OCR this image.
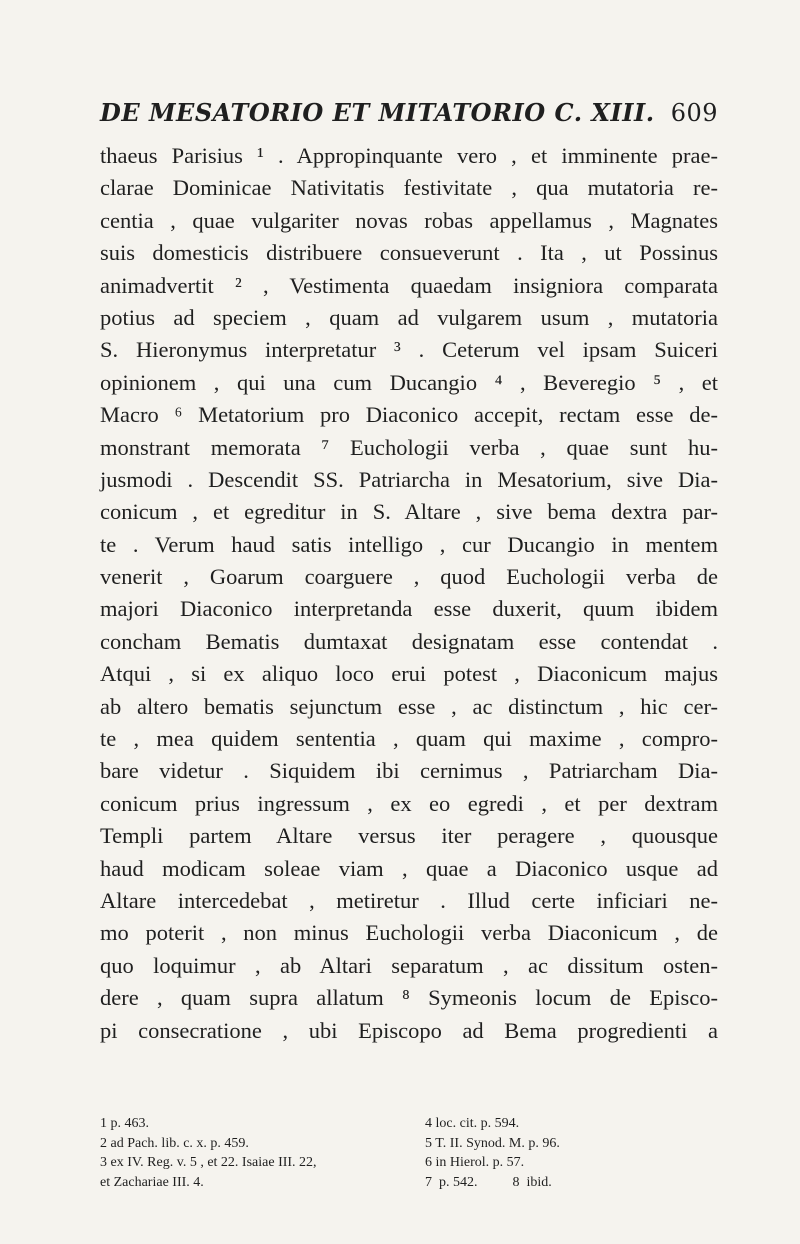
DE MESATORIO ET MITATORIO C. XIII. 609
thaeus Parisius ¹ . Appropinquante vero , et imminente prae-
clarae Dominicae Nativitatis festivitate , qua mutatoria re-
centia , quae vulgariter novas robas appellamus , Magnates
suis domesticis distribuere consueverunt . Ita , ut Possinus
animadvertit ² , Vestimenta quaedam insigniora comparata
potius ad speciem , quam ad vulgarem usum , mutatoria
S. Hieronymus interpretatur ³ . Ceterum vel ipsam Suiceri
opinionem , qui una cum Ducangio ⁴ , Beveregio ⁵ , et
Macro ⁶ Metatorium pro Diaconico accepit, rectam esse de-
monstrant memorata ⁷ Euchologii verba , quae sunt hu-
jusmodi . Descendit SS. Patriarcha in Mesatorium, sive Dia-
conicum , et egreditur in S. Altare , sive bema dextra par-
te . Verum haud satis intelligo , cur Ducangio in mentem
venerit , Goarum coarguere , quod Euchologii verba de
majori Diaconico interpretanda esse duxerit, quum ibidem
concham Bematis dumtaxat designatam esse contendat .
Atqui , si ex aliquo loco erui potest , Diaconicum majus
ab altero bematis sejunctum esse , ac distinctum , hic cer-
te , mea quidem sententia , quam qui maxime , compro-
bare videtur . Siquidem ibi cernimus , Patriarcham Dia-
conicum prius ingressum , ex eo egredi , et per dextram
Templi partem Altare versus iter peragere , quousque
haud modicam soleae viam , quae a Diaconico usque ad
Altare intercedebat , metiretur . Illud certe inficiari ne-
mo poterit , non minus Euchologii verba Diaconicum , de
quo loquimur , ab Altari separatum , ac dissitum osten-
dere , quam supra allatum ⁸ Symeonis locum de Episco-
pi consecratione , ubi Episcopo ad Bema progredienti a
1 p. 463.
2 ad Pach. lib. c. x. p. 459.
3 ex IV. Reg. v. 5 , et 22. Isaiae III. 22,
et Zachariae III. 4.
4 loc. cit. p. 594.
5 T. II. Synod. M. p. 96.
6 in Hierol. p. 57.
7  p. 542.          8  ibid.
